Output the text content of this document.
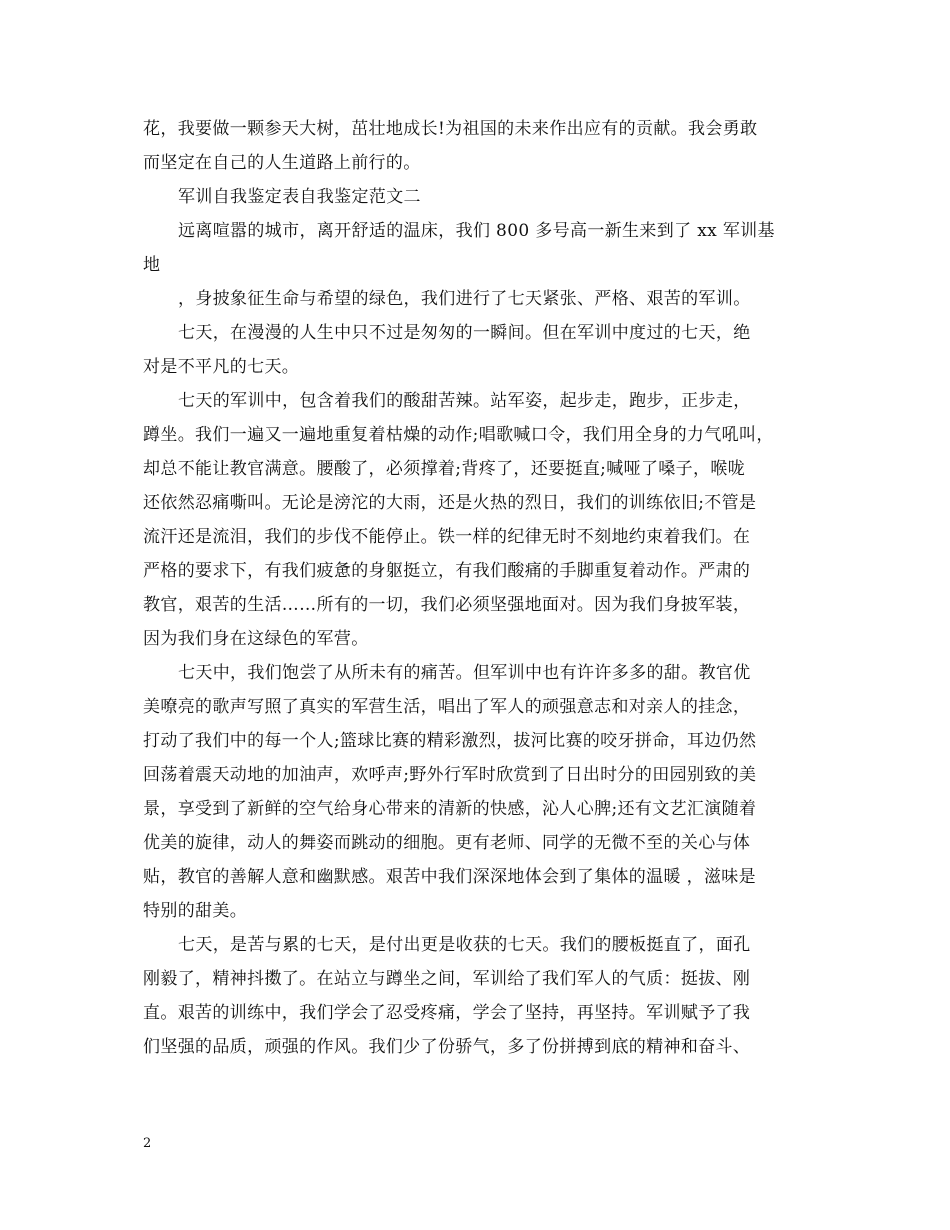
花，我要做一颗参天大树，茁壮地成长!为祖国的未来作出应有的贡献。我会勇敢
而坚定在自己的人生道路上前行的。
军训自我鉴定表自我鉴定范文二
远离喧嚣的城市，离开舒适的温床，我们 800 多号高一新生来到了 xx 军训基
地
，身披象征生命与希望的绿色，我们进行了七天紧张、严格、艰苦的军训。
七天，在漫漫的人生中只不过是匆匆的一瞬间。但在军训中度过的七天，绝
对是不平凡的七天。
七天的军训中，包含着我们的酸甜苦辣。站军姿，起步走，跑步，正步走，
蹲坐。我们一遍又一遍地重复着枯燥的动作;唱歌喊口令，我们用全身的力气吼叫，
却总不能让教官满意。腰酸了，必须撑着;背疼了，还要挺直;喊哑了嗓子，喉咙
还依然忍痛嘶叫。无论是滂沱的大雨，还是火热的烈日，我们的训练依旧;不管是
流汗还是流泪，我们的步伐不能停止。铁一样的纪律无时不刻地约束着我们。在
严格的要求下，有我们疲惫的身躯挺立，有我们酸痛的手脚重复着动作。严肃的
教官，艰苦的生活……所有的一切，我们必须坚强地面对。因为我们身披军装，
因为我们身在这绿色的军营。
七天中，我们饱尝了从所未有的痛苦。但军训中也有许许多多的甜。教官优
美嘹亮的歌声写照了真实的军营生活，唱出了军人的顽强意志和对亲人的挂念，
打动了我们中的每一个人;篮球比赛的精彩激烈，拔河比赛的咬牙拼命，耳边仍然
回荡着震天动地的加油声，欢呼声;野外行军时欣赏到了日出时分的田园别致的美
景，享受到了新鲜的空气给身心带来的清新的快感，沁人心脾;还有文艺汇演随着
优美的旋律，动人的舞姿而跳动的细胞。更有老师、同学的无微不至的关心与体
贴，教官的善解人意和幽默感。艰苦中我们深深地体会到了集体的温暖 ，滋味是
特别的甜美。
七天，是苦与累的七天，是付出更是收获的七天。我们的腰板挺直了，面孔
刚毅了，精神抖擞了。在站立与蹲坐之间，军训给了我们军人的气质：挺拔、刚
直。艰苦的训练中，我们学会了忍受疼痛，学会了坚持，再坚持。军训赋予了我
们坚强的品质，顽强的作风。我们少了份骄气，多了份拼搏到底的精神和奋斗、
2
